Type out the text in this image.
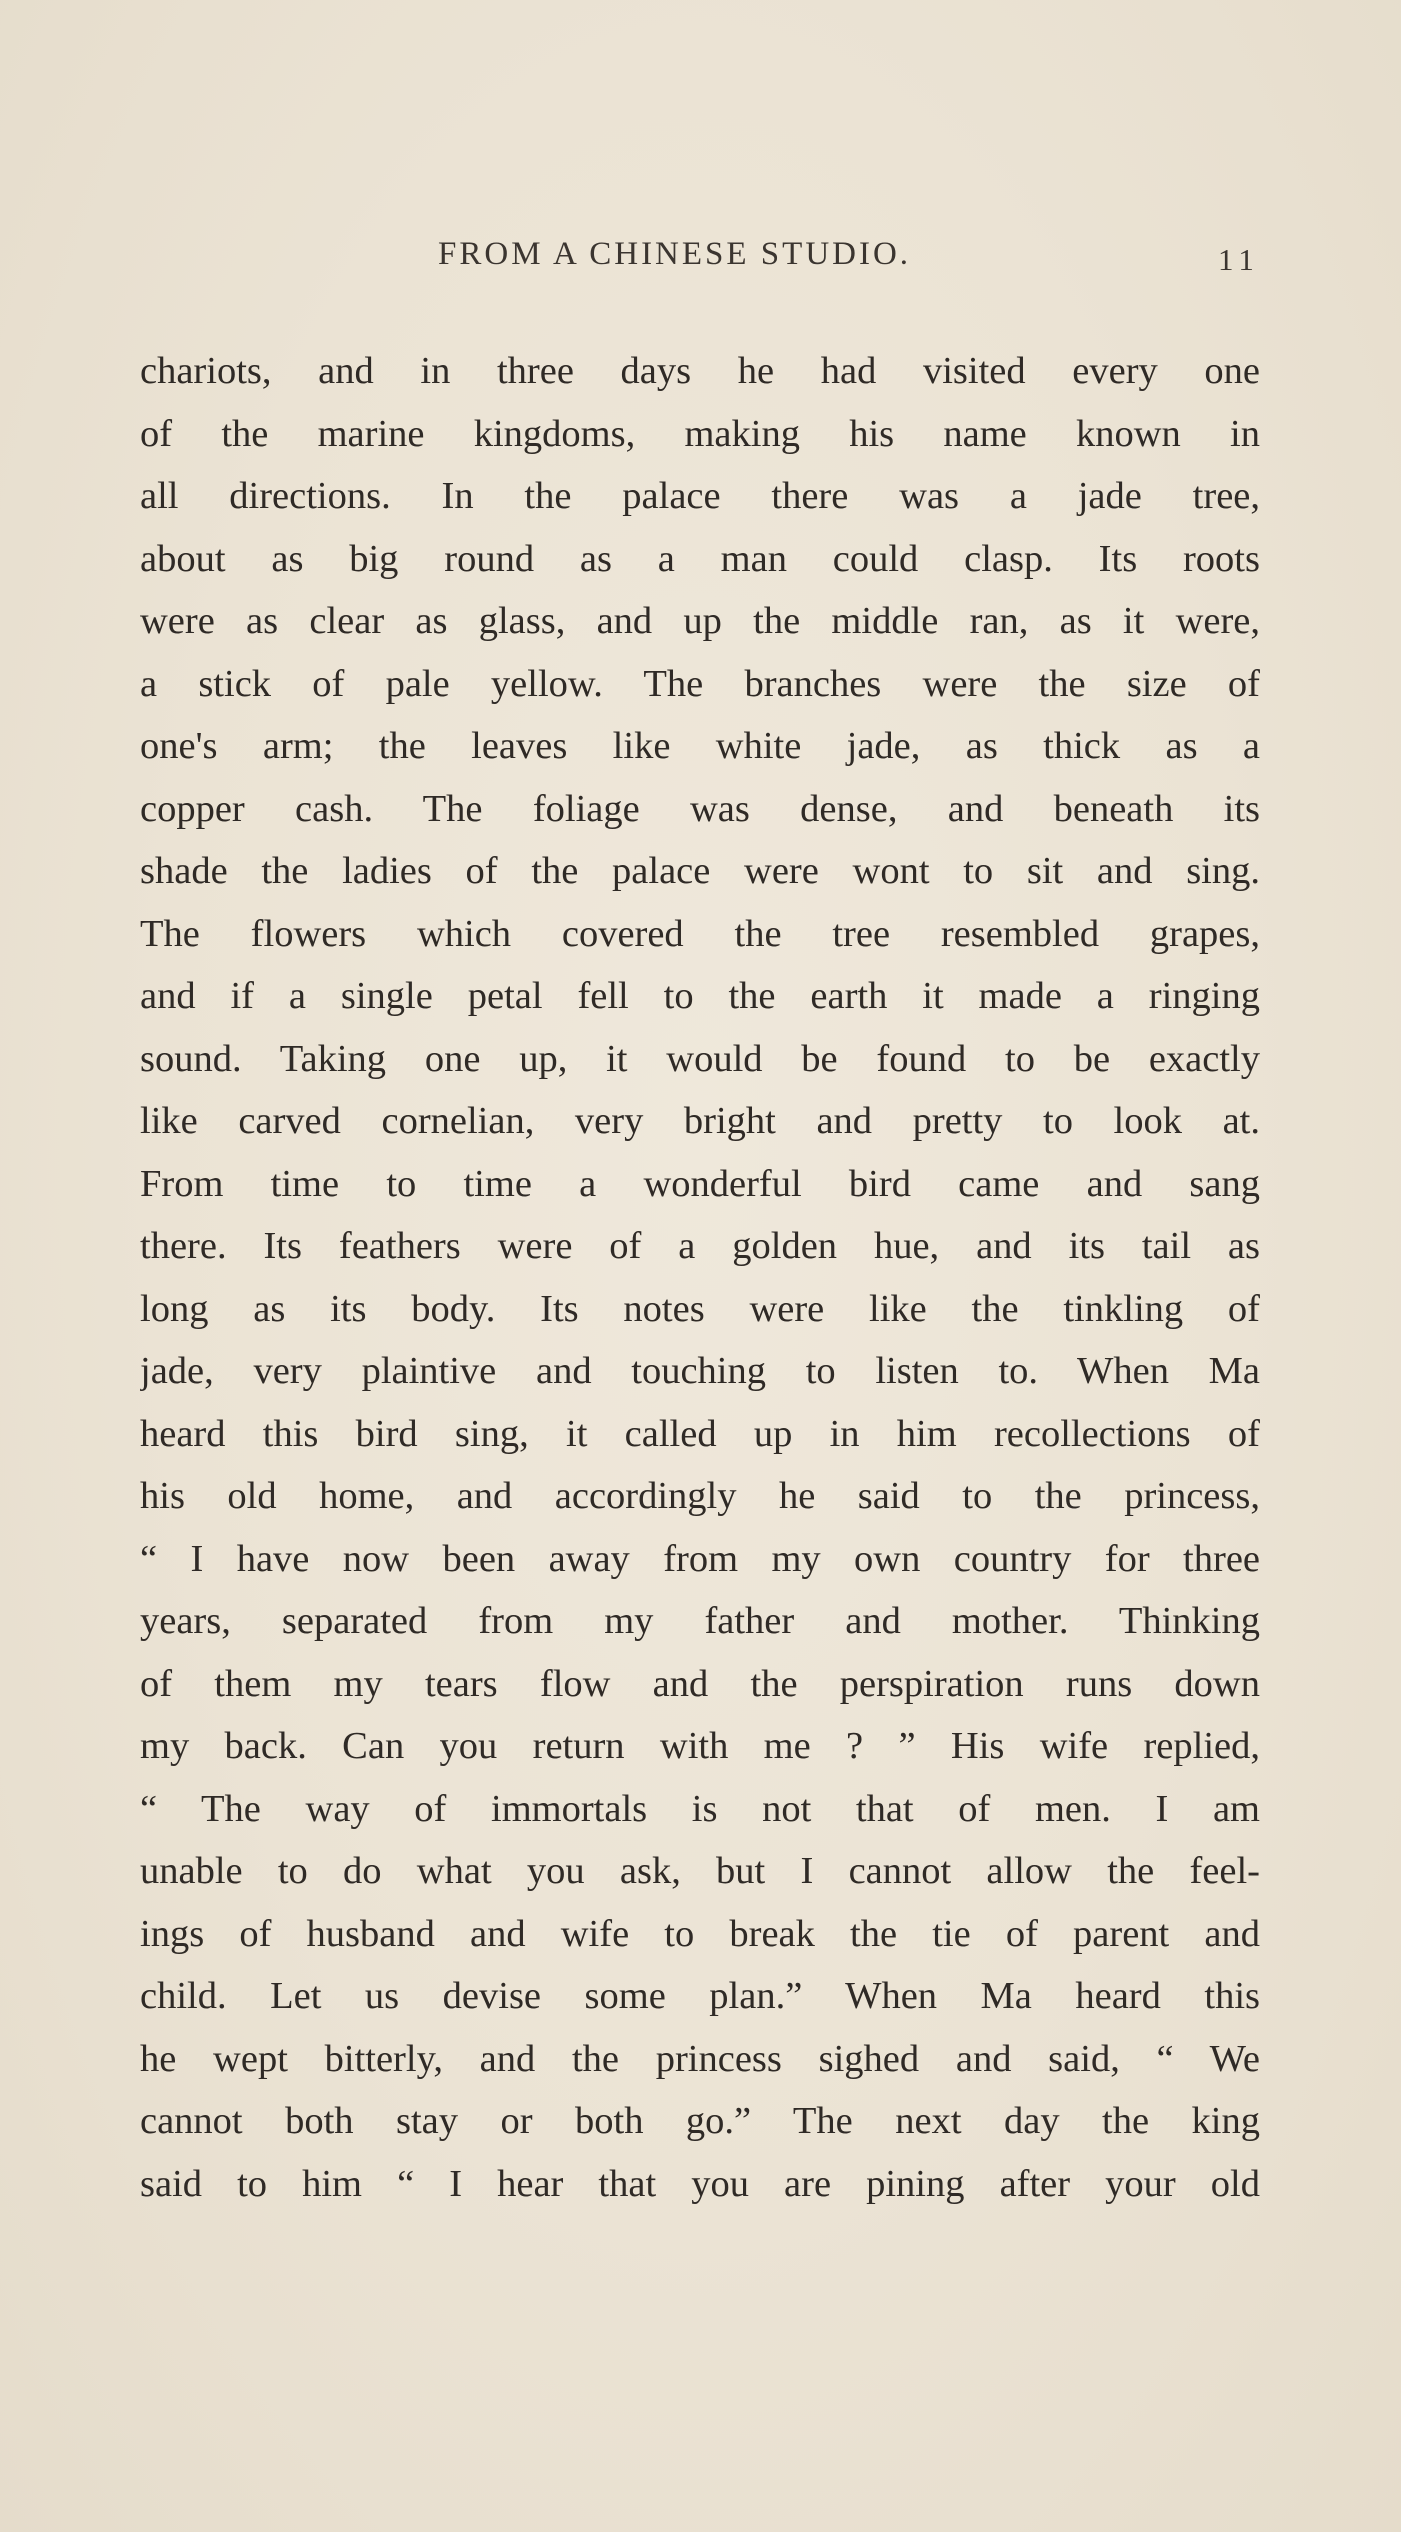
FROM A CHINESE STUDIO.	11
chariots, and in three days he had visited every one
of the marine kingdoms, making his name known in
all directions. In the palace there was a jade tree,
about as big round as a man could clasp. Its roots
were as clear as glass, and up the middle ran, as it were,
a stick of pale yellow. The branches were the size of
one's arm; the leaves like white jade, as thick as a
copper cash. The foliage was dense, and beneath its
shade the ladies of the palace were wont to sit and sing.
The flowers which covered the tree resembled grapes,
and if a single petal fell to the earth it made a ringing
sound. Taking one up, it would be found to be exactly
like carved cornelian, very bright and pretty to look at.
From time to time a wonderful bird came and sang
there. Its feathers were of a golden hue, and its tail as
long as its body. Its notes were like the tinkling of
jade, very plaintive and touching to listen to. When Ma
heard this bird sing, it called up in him recollections of
his old home, and accordingly he said to the princess,
“ I have now been away from my own country for three
years, separated from my father and mother. Thinking
of them my tears flow and the perspiration runs down
my back. Can you return with me ? ” His wife replied,
“ The way of immortals is not that of men. I am
unable to do what you ask, but I cannot allow the feel-
ings of husband and wife to break the tie of parent and
child. Let us devise some plan.” When Ma heard this
he wept bitterly, and the princess sighed and said, “ We
cannot both stay or both go.” The next day the king
said to him “ I hear that you are pining after your old
